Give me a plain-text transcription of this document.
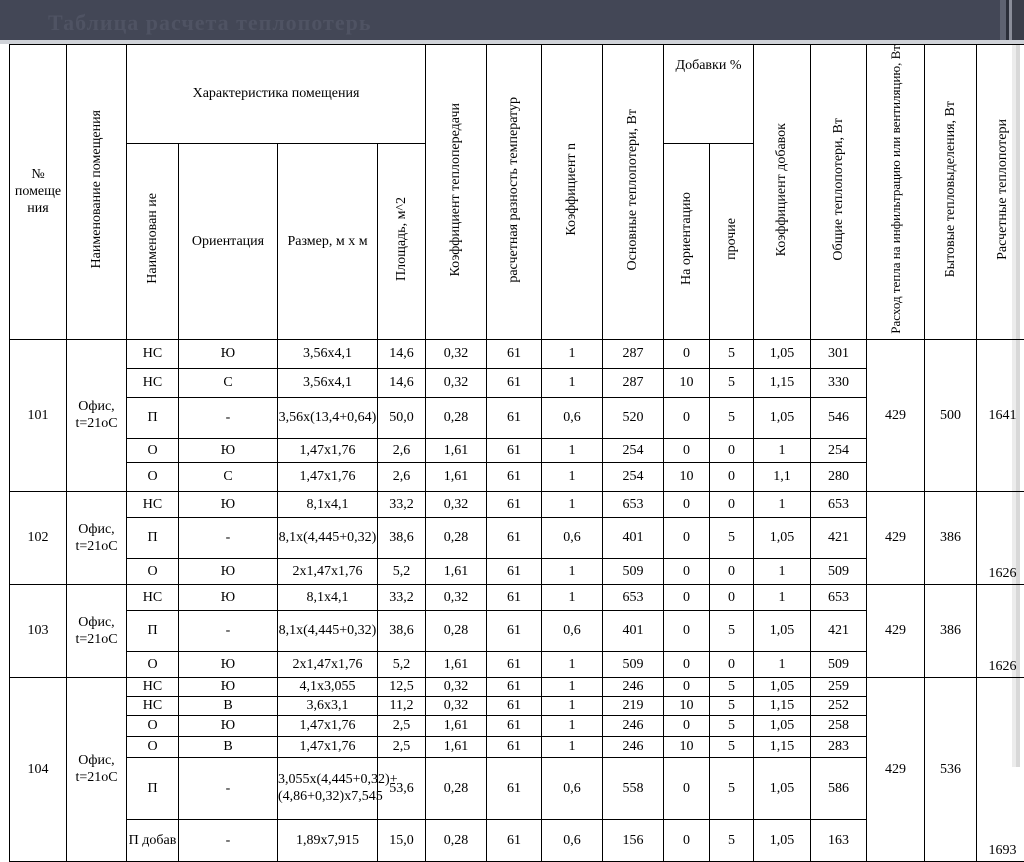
Таблица расчета теплопотерь
№ помеще ния	Наименование помещения	Характеристика помещения				Коэффициент теплопередачи	расчетная разность температур	Коэффициент n	Основные теплопотери, Вт	Добавки %		Коэффициент добавок	Общие теплопотери, Вт	Расход тепла на инфильтрацию или вентиляцию, Вт	Бытовые тепловыделения, Вт	Расчетные теплопотери
		Наименован ие	Ориентация	Размер, м х м	Площадь, м^2					На ориентацию	прочие					
101	Офис, t=21oC	НС	Ю	3,56х4,1	14,6	0,32	61	1	287	0	5	1,05	301	429	500	1641
		НС	С	3,56х4,1	14,6	0,32	61	1	287	10	5	1,15	330			
		П	-	3,56х(13,4+0,64)	50,0	0,28	61	0,6	520	0	5	1,05	546			
		О	Ю	1,47х1,76	2,6	1,61	61	1	254	0	0	1	254			
		О	С	1,47х1,76	2,6	1,61	61	1	254	10	0	1,1	280			
102	Офис, t=21oC	НС	Ю	8,1х4,1	33,2	0,32	61	1	653	0	0	1	653	429	386	1626
		П	-	8,1х(4,445+0,32)	38,6	0,28	61	0,6	401	0	5	1,05	421			
		О	Ю	2х1,47х1,76	5,2	1,61	61	1	509	0	0	1	509			
103	Офис, t=21oC	НС	Ю	8,1х4,1	33,2	0,32	61	1	653	0	0	1	653	429	386	1626
		П	-	8,1х(4,445+0,32)	38,6	0,28	61	0,6	401	0	5	1,05	421			
		О	Ю	2х1,47х1,76	5,2	1,61	61	1	509	0	0	1	509			
104	Офис, t=21oC	НС	Ю	4,1х3,055	12,5	0,32	61	1	246	0	5	1,05	259	429	536	1693
		НС	В	3,6х3,1	11,2	0,32	61	1	219	10	5	1,15	252			
		О	Ю	1,47х1,76	2,5	1,61	61	1	246	0	5	1,05	258			
		О	В	1,47х1,76	2,5	1,61	61	1	246	10	5	1,15	283			
		П	-	3,055х(4,445+0,32)+(4,86+0,32)х7,545	53,6	0,28	61	0,6	558	0	5	1,05	586			
		П добав	-	1,89х7,915	15,0	0,28	61	0,6	156	0	5	1,05	163			
